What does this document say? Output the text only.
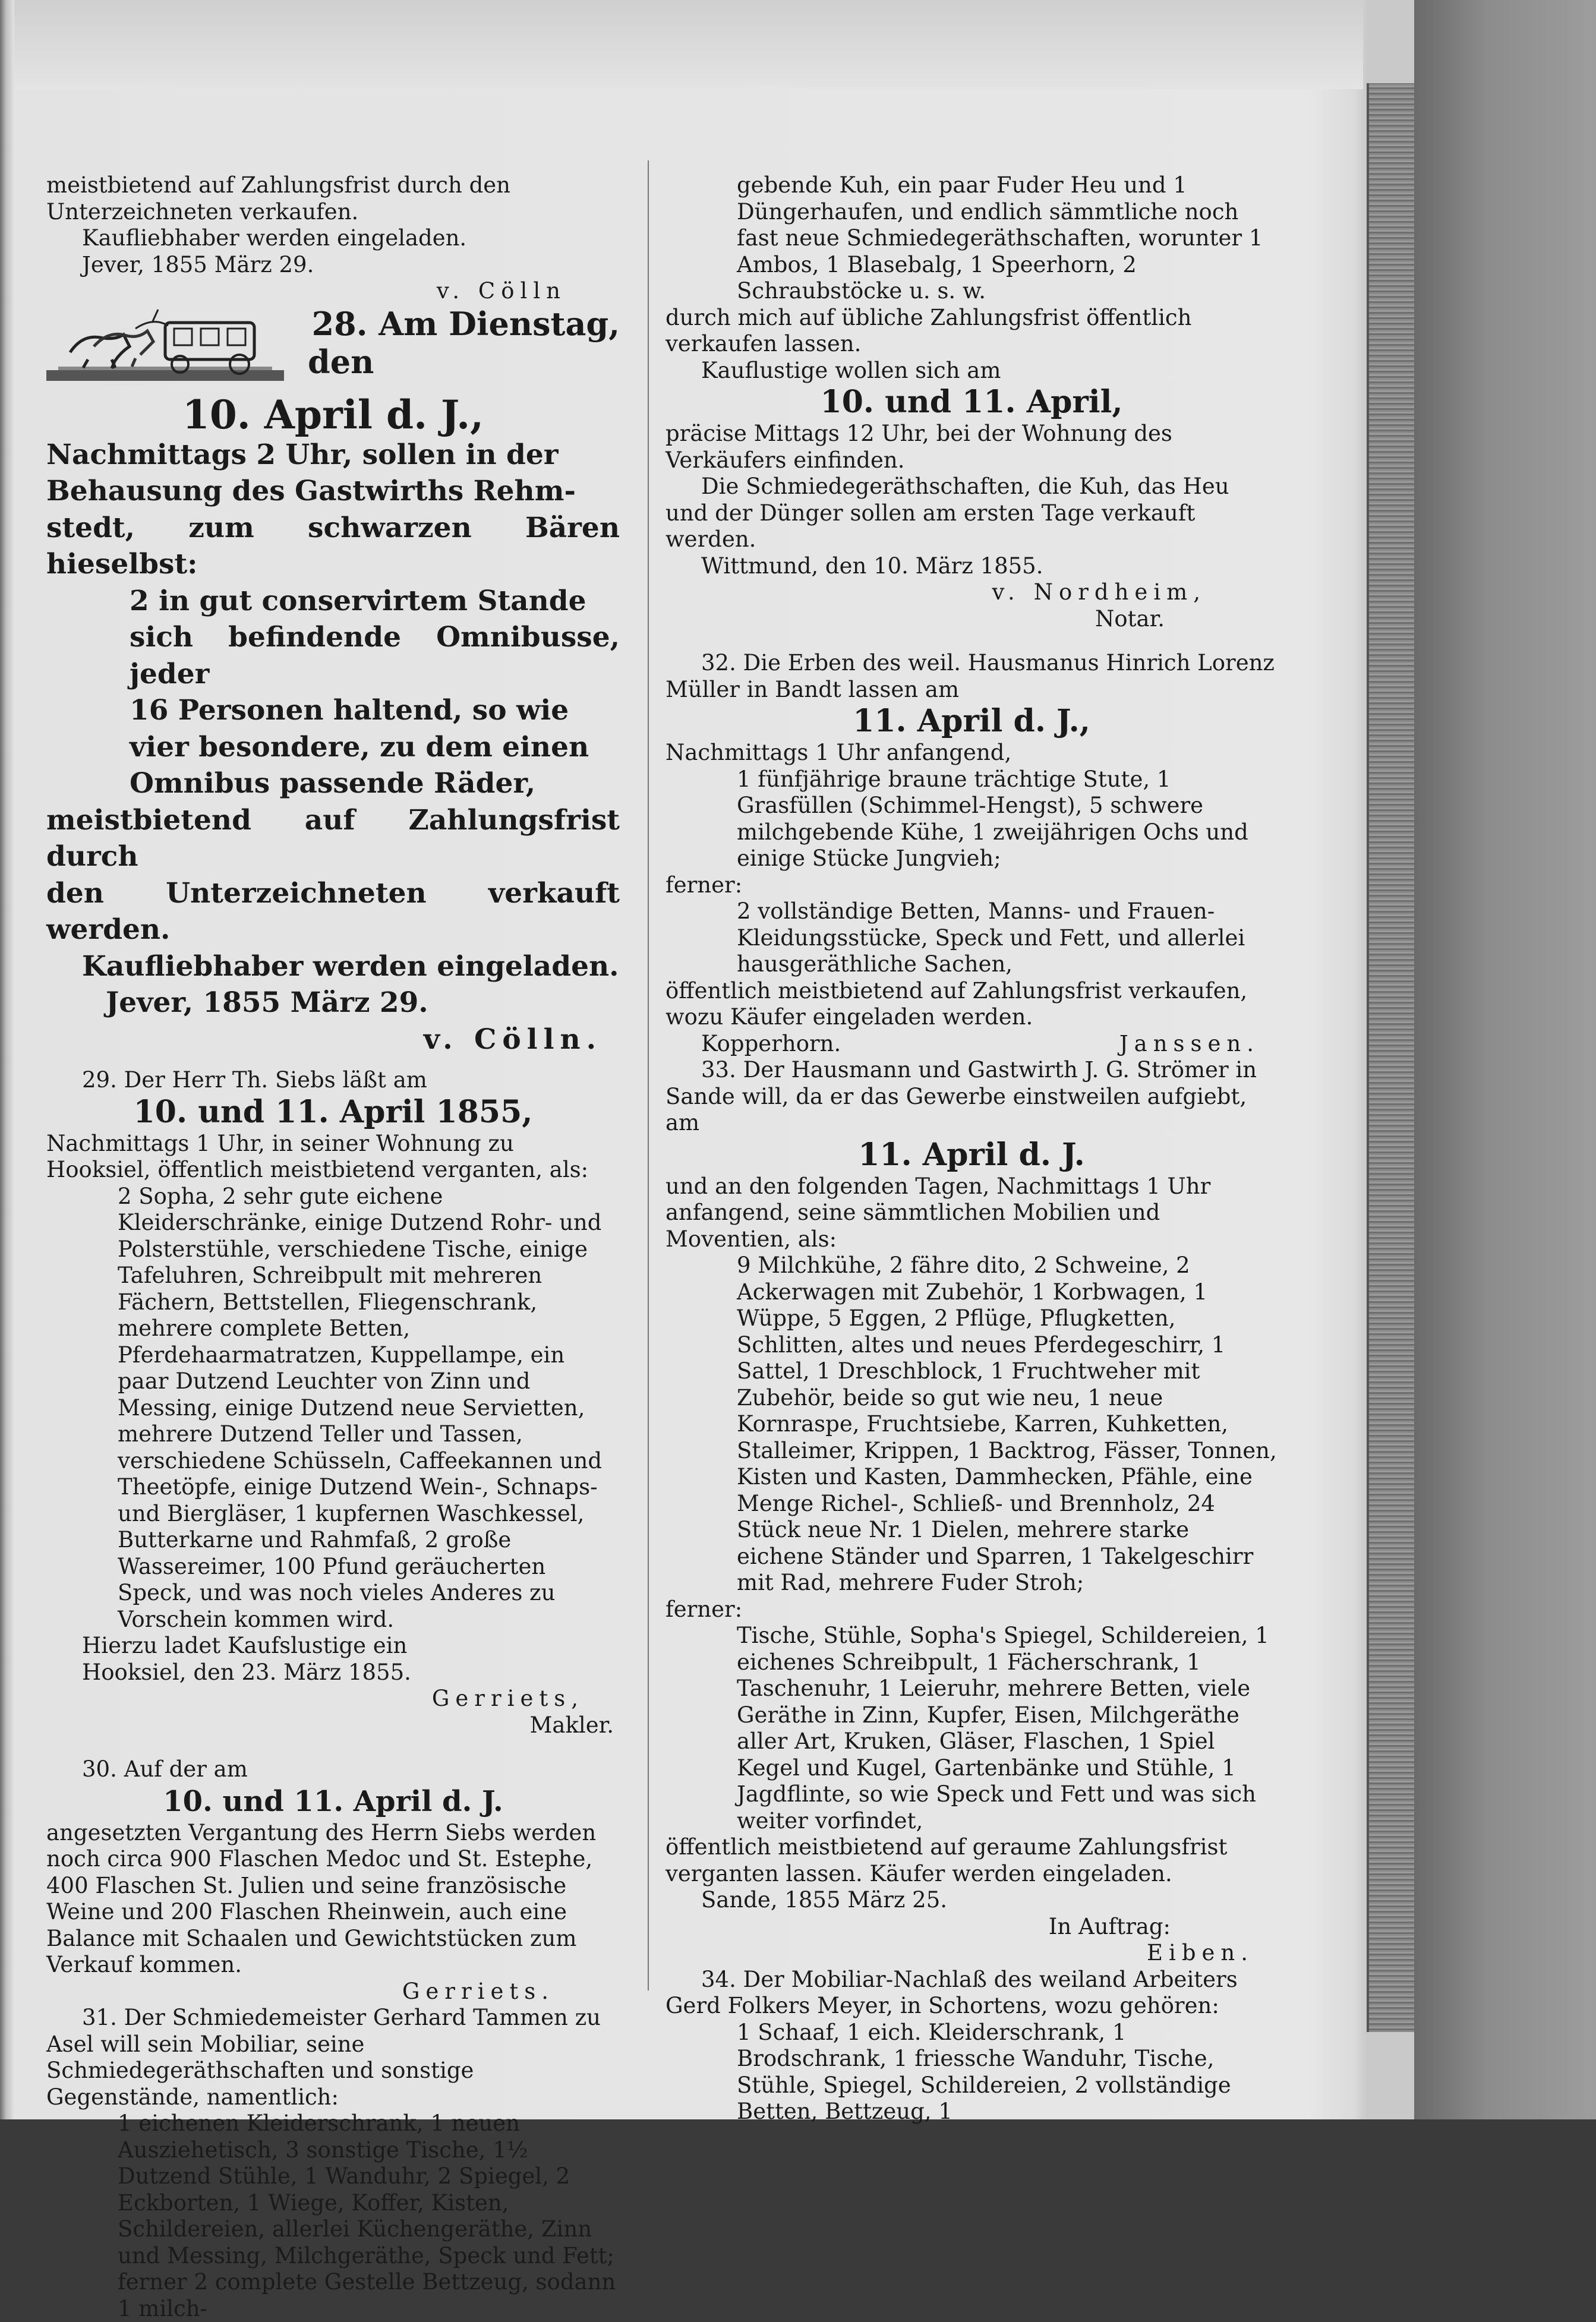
meistbietend auf Zahlungsfrist durch den Unterzeichneten verkaufen.

Kaufliebhaber werden eingeladen.

Jever, 1855 März 29.

v. Cölln

28. Am Dienstag,
den

10. April d. J.,

Nachmittags 2 Uhr, sollen in der

Behausung des Gastwirths Rehm-

stedt, zum schwarzen Bären hieselbst:

2 in gut conservirtem Stande

sich befindende Omnibusse, jeder

16 Personen haltend, so wie

vier besondere, zu dem einen

Omnibus passende Räder,

meistbietend auf Zahlungsfrist durch

den Unterzeichneten verkauft werden.

Kaufliebhaber werden eingeladen.

Jever, 1855 März 29.

v. Cölln.

29. Der Herr Th. Siebs läßt am

10. und 11. April 1855,

Nachmittags 1 Uhr, in seiner Wohnung zu Hooksiel, öffentlich meistbietend verganten, als:

2 Sopha, 2 sehr gute eichene Kleiderschränke, einige Dutzend Rohr- und Polsterstühle, verschiedene Tische, einige Tafeluhren, Schreibpult mit mehreren Fächern, Bettstellen, Fliegenschrank, mehrere complete Betten, Pferdehaarmatratzen, Kuppellampe, ein paar Dutzend Leuchter von Zinn und Messing, einige Dutzend neue Servietten, mehrere Dutzend Teller und Tassen, verschiedene Schüsseln, Caffeekannen und Theetöpfe, einige Dutzend Wein-, Schnaps- und Biergläser, 1 kupfernen Waschkessel, Butterkarne und Rahmfaß, 2 große Wassereimer, 100 Pfund geräucherten Speck, und was noch vieles Anderes zu Vorschein kommen wird.

Hierzu ladet Kaufslustige ein

Hooksiel, den 23. März 1855.

Gerriets,

Makler.

30. Auf der am

10. und 11. April d. J.

angesetzten Vergantung des Herrn Siebs werden noch circa 900 Flaschen Medoc und St. Estephe, 400 Flaschen St. Julien und seine französische Weine und 200 Flaschen Rheinwein, auch eine Balance mit Schaalen und Gewichtstücken zum Verkauf kommen.

Gerriets.

31. Der Schmiedemeister Gerhard Tammen zu Asel will sein Mobiliar, seine Schmiedegeräthschaften und sonstige Gegenstände, namentlich:

1 eichenen Kleiderschrank, 1 neuen Ausziehetisch, 3 sonstige Tische, 1½ Dutzend Stühle, 1 Wanduhr, 2 Spiegel, 2 Eckborten, 1 Wiege, Koffer, Kisten, Schildereien, allerlei Küchengeräthe, Zinn und Messing, Milchgeräthe, Speck und Fett; ferner 2 complete Gestelle Bettzeug, sodann 1 milch-

gebende Kuh, ein paar Fuder Heu und 1 Düngerhaufen, und endlich sämmtliche noch fast neue Schmiedegeräthschaften, worunter 1 Ambos, 1 Blasebalg, 1 Speerhorn, 2 Schraubstöcke u. s. w.

durch mich auf übliche Zahlungsfrist öffentlich verkaufen lassen.

Kauflustige wollen sich am

10. und 11. April,

präcise Mittags 12 Uhr, bei der Wohnung des Verkäufers einfinden.

Die Schmiedegeräthschaften, die Kuh, das Heu und der Dünger sollen am ersten Tage verkauft werden.

Wittmund, den 10. März 1855.

v. Nordheim,

Notar.

32. Die Erben des weil. Hausmanus Hinrich Lorenz Müller in Bandt lassen am

11. April d. J.,

Nachmittags 1 Uhr anfangend,

1 fünfjährige braune trächtige Stute, 1 Grasfüllen (Schimmel-Hengst), 5 schwere milchgebende Kühe, 1 zweijährigen Ochs und einige Stücke Jungvieh;

ferner:

2 vollständige Betten, Manns- und Frauen-Kleidungsstücke, Speck und Fett, und allerlei hausgeräthliche Sachen,

öffentlich meistbietend auf Zahlungsfrist verkaufen, wozu Käufer eingeladen werden.

Kopperhorn.	Janssen.

33. Der Hausmann und Gastwirth J. G. Strömer in Sande will, da er das Gewerbe einstweilen aufgiebt, am

11. April d. J.

und an den folgenden Tagen, Nachmittags 1 Uhr anfangend, seine sämmtlichen Mobilien und Moventien, als:

9 Milchkühe, 2 fähre dito, 2 Schweine, 2 Ackerwagen mit Zubehör, 1 Korbwagen, 1 Wüppe, 5 Eggen, 2 Pflüge, Pflugketten, Schlitten, altes und neues Pferdegeschirr, 1 Sattel, 1 Dreschblock, 1 Fruchtweher mit Zubehör, beide so gut wie neu, 1 neue Kornraspe, Fruchtsiebe, Karren, Kuhketten, Stalleimer, Krippen, 1 Backtrog, Fässer, Tonnen, Kisten und Kasten, Dammhecken, Pfähle, eine Menge Richel-, Schließ- und Brennholz, 24 Stück neue Nr. 1 Dielen, mehrere starke eichene Ständer und Sparren, 1 Takelgeschirr mit Rad, mehrere Fuder Stroh;

ferner:

Tische, Stühle, Sopha's Spiegel, Schildereien, 1 eichenes Schreibpult, 1 Fächerschrank, 1 Taschenuhr, 1 Leieruhr, mehrere Betten, viele Geräthe in Zinn, Kupfer, Eisen, Milchgeräthe aller Art, Kruken, Gläser, Flaschen, 1 Spiel Kegel und Kugel, Gartenbänke und Stühle, 1 Jagdflinte, so wie Speck und Fett und was sich weiter vorfindet,

öffentlich meistbietend auf geraume Zahlungsfrist verganten lassen. Käufer werden eingeladen.

Sande, 1855 März 25.

In Auftrag:

Eiben.

34. Der Mobiliar-Nachlaß des weiland Arbeiters Gerd Folkers Meyer, in Schortens, wozu gehören:

1 Schaaf, 1 eich. Kleiderschrank, 1 Brodschrank, 1 friessche Wanduhr, Tische, Stühle, Spiegel, Schildereien, 2 vollständige Betten, Bettzeug, 1
